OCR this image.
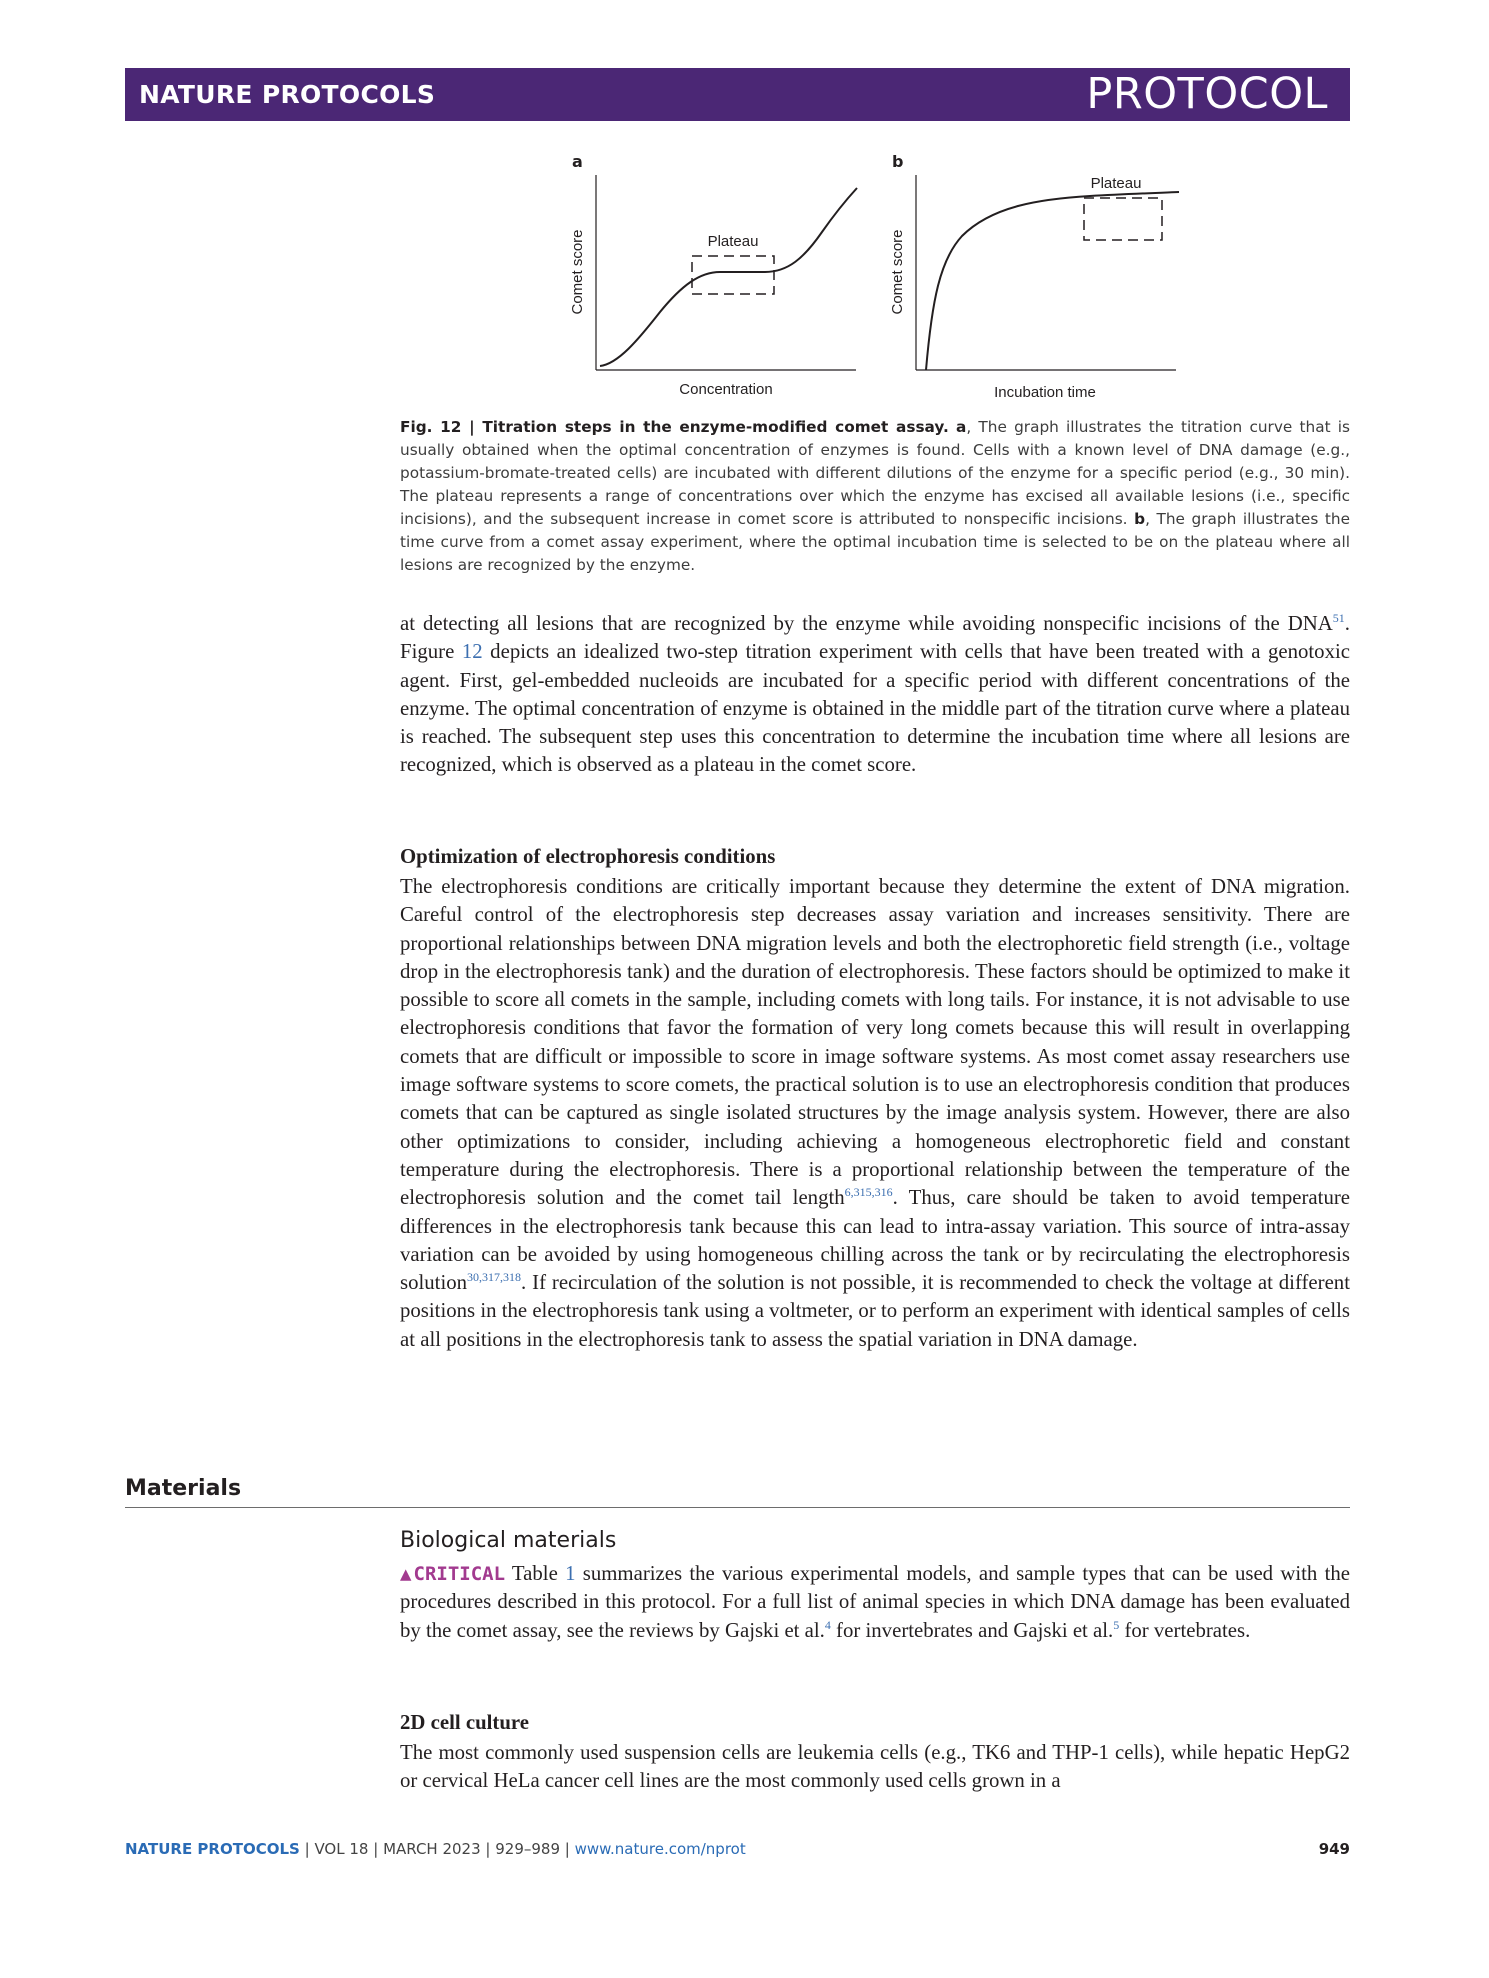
NATURE PROTOCOLS	PROTOCOL
a	b
Plateau
Concentration
Comet score
Plateau
Incubation time
Comet score
Fig. 12 | Titration steps in the enzyme-modified comet assay. a, The graph illustrates the titration curve that is usually obtained when the optimal concentration of enzymes is found. Cells with a known level of DNA damage (e.g., potassium-bromate-treated cells) are incubated with different dilutions of the enzyme for a specific period (e.g., 30 min). The plateau represents a range of concentrations over which the enzyme has excised all available lesions (i.e., specific incisions), and the subsequent increase in comet score is attributed to nonspecific incisions. b, The graph illustrates the time curve from a comet assay experiment, where the optimal incubation time is selected to be on the plateau where all lesions are recognized by the enzyme.
at detecting all lesions that are recognized by the enzyme while avoiding nonspecific incisions of the DNA$^{51}$. Figure 12 depicts an idealized two-step titration experiment with cells that have been treated with a genotoxic agent. First, gel-embedded nucleoids are incubated for a specific period with different concentrations of the enzyme. The optimal concentration of enzyme is obtained in the middle part of the titration curve where a plateau is reached. The subsequent step uses this concentration to determine the incubation time where all lesions are recognized, which is observed as a plateau in the comet score.
Optimization of electrophoresis conditions
The electrophoresis conditions are critically important because they determine the extent of DNA migration. Careful control of the electrophoresis step decreases assay variation and increases sensitivity. There are proportional relationships between DNA migration levels and both the electrophoretic field strength (i.e., voltage drop in the electrophoresis tank) and the duration of electrophoresis. These factors should be optimized to make it possible to score all comets in the sample, including comets with long tails. For instance, it is not advisable to use electrophoresis conditions that favor the formation of very long comets because this will result in overlapping comets that are difficult or impossible to score in image software systems. As most comet assay researchers use image software systems to score comets, the practical solution is to use an electrophoresis condition that produces comets that can be captured as single isolated structures by the image analysis system. However, there are also other optimizations to consider, including achieving a homogeneous electrophoretic field and constant temperature during the electrophoresis. There is a proportional relationship between the temperature of the electrophoresis solution and the comet tail length$^{6,315,316}$. Thus, care should be taken to avoid temperature differences in the electrophoresis tank because this can lead to intra-assay variation. This source of intra-assay variation can be avoided by using homogeneous chilling across the tank or by recirculating the electrophoresis solution$^{30,317,318}$. If recirculation of the solution is not possible, it is recommended to check the voltage at different positions in the electrophoresis tank using a voltmeter, or to perform an experiment with identical samples of cells at all positions in the electrophoresis tank to assess the spatial variation in DNA damage.
Materials
Biological materials
▲CRITICAL Table 1 summarizes the various experimental models, and sample types that can be used with the procedures described in this protocol. For a full list of animal species in which DNA damage has been evaluated by the comet assay, see the reviews by Gajski et al.$^4$ for invertebrates and Gajski et al.$^5$ for vertebrates.
2D cell culture
The most commonly used suspension cells are leukemia cells (e.g., TK6 and THP-1 cells), while hepatic HepG2 or cervical HeLa cancer cell lines are the most commonly used cells grown in a
NATURE PROTOCOLS | VOL 18 | MARCH 2023 | 929–989 | www.nature.com/nprot	949
